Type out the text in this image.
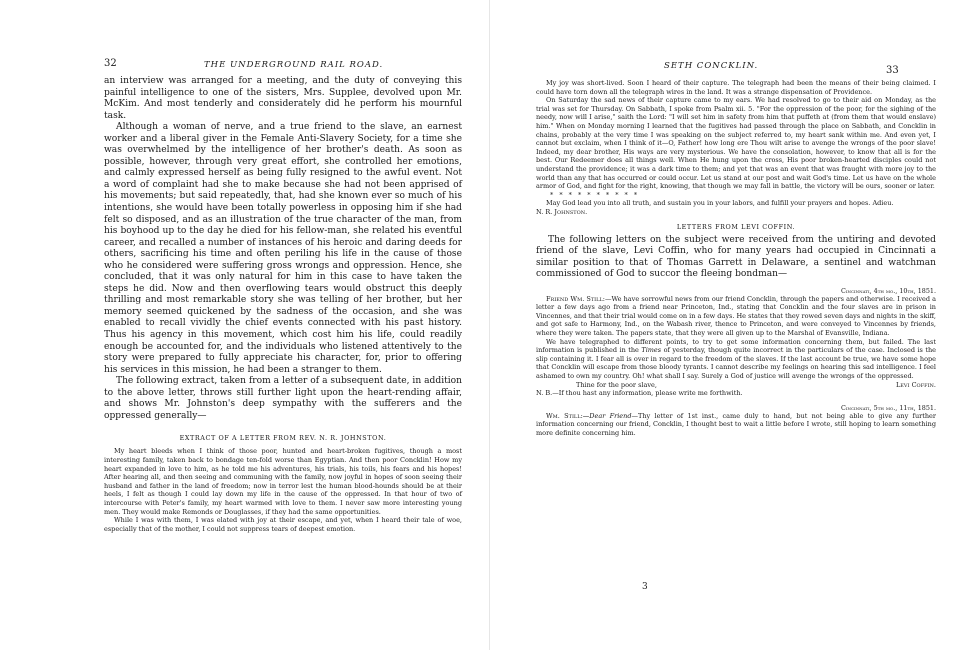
32	THE UNDERGROUND RAIL ROAD.

an interview was arranged for a meeting, and the duty of conveying this painful intelligence to one of the sisters, Mrs. Supplee, devolved upon Mr. McKim. And most tenderly and considerately did he perform his mournful task.

Although a woman of nerve, and a true friend to the slave, an earnest worker and a liberal giver in the Female Anti-Slavery Society, for a time she was overwhelmed by the intelligence of her brother's death. As soon as possible, however, through very great effort, she controlled her emotions, and calmly expressed herself as being fully resigned to the awful event. Not a word of complaint had she to make because she had not been apprised of his movements; but said repeatedly, that, had she known ever so much of his intentions, she would have been totally powerless in opposing him if she had felt so disposed, and as an illustration of the true character of the man, from his boyhood up to the day he died for his fellow-man, she related his eventful career, and recalled a number of instances of his heroic and daring deeds for others, sacrificing his time and often periling his life in the cause of those who he considered were suffering gross wrongs and oppression. Hence, she concluded, that it was only natural for him in this case to have taken the steps he did. Now and then overflowing tears would obstruct this deeply thrilling and most remarkable story she was telling of her brother, but her memory seemed quickened by the sadness of the occasion, and she was enabled to recall vividly the chief events connected with his past history. Thus his agency in this movement, which cost him his life, could readily enough be accounted for, and the individuals who listened attentively to the story were prepared to fully appreciate his character, for, prior to offering his services in this mission, he had been a stranger to them.

The following extract, taken from a letter of a subsequent date, in addition to the above letter, throws still further light upon the heart-rending affair, and shows Mr. Johnston's deep sympathy with the sufferers and the oppressed generally—

EXTRACT OF A LETTER FROM REV. N. R. JOHNSTON.

My heart bleeds when I think of those poor, hunted and heart-broken fugitives, though a most interesting family, taken back to bondage ten-fold worse than Egyptian. And then poor Concklin! How my heart expanded in love to him, as he told me his adventures, his trials, his toils, his fears and his hopes! After hearing all, and then seeing and communing with the family, now joyful in hopes of soon seeing their husband and father in the land of freedom; now in terror lest the human blood-hounds should be at their heels, I felt as though I could lay down my life in the cause of the oppressed. In that hour of two of intercourse with Peter's family, my heart warmed with love to them. I never saw more interesting young men. They would make Remonds or Douglasses, if they had the same opportunities.

While I was with them, I was elated with joy at their escape, and yet, when I heard their tale of woe, especially that of the mother, I could not suppress tears of deepest emotion.

SETH CONCKLIN.	33

My joy was short-lived. Soon I heard of their capture. The telegraph had been the means of their being claimed. I could have torn down all the telegraph wires in the land. It was a strange dispensation of Providence.

On Saturday the sad news of their capture came to my ears. We had resolved to go to their aid on Monday, as the trial was set for Thursday. On Sabbath, I spoke from Psalm xii. 5. "For the oppression of the poor, for the sighing of the needy, now will I arise," saith the Lord: "I will set him in safety from him that puffeth at (from them that would enslave) him." When on Monday morning I learned that the fugitives had passed through the place on Sabbath, and Concklin in chains, probably at the very time I was speaking on the subject referred to, my heart sank within me. And even yet, I cannot but exclaim, when I think of it—O, Father! how long ere Thou wilt arise to avenge the wrongs of the poor slave! Indeed, my dear brother, His ways are very mysterious. We have the consolation, however, to know that all is for the best. Our Redeemer does all things well. When He hung upon the cross, His poor broken-hearted disciples could not understand the providence; it was a dark time to them; and yet that was an event that was fraught with more joy to the world than any that has occurred or could occur. Let us stand at our post and wait God's time. Let us have on the whole armor of God, and fight for the right, knowing, that though we may fall in battle, the victory will be ours, sooner or later.

* * * * * * * * * *

May God lead you into all truth, and sustain you in your labors, and fulfill your prayers and hopes. Adieu.

N. R. Johnston.

LETTERS FROM LEVI COFFIN.

The following letters on the subject were received from the untiring and devoted friend of the slave, Levi Coffin, who for many years had occupied in Cincinnati a similar position to that of Thomas Garrett in Delaware, a sentinel and watchman commissioned of God to succor the fleeing bondman—

Cincinnati, 4th mo., 10th, 1851.

Friend Wm. Still:—We have sorrowful news from our friend Concklin, through the papers and otherwise. I received a letter a few days ago from a friend near Princeton, Ind., stating that Concklin and the four slaves are in prison in Vincennes, and that their trial would come on in a few days. He states that they rowed seven days and nights in the skiff, and got safe to Harmony, Ind., on the Wabash river, thence to Princeton, and were conveyed to Vincennes by friends, where they were taken. The papers state, that they were all given up to the Marshal of Evansville, Indiana.

We have telegraphed to different points, to try to get some information concerning them, but failed. The last information is published in the Times of yesterday, though quite incorrect in the particulars of the case. Inclosed is the slip containing it. I fear all is over in regard to the freedom of the slaves. If the last account be true, we have some hope that Concklin will escape from those bloody tyrants. I cannot describe my feelings on hearing this sad intelligence. I feel ashamed to own my country. Oh! what shall I say. Surely a God of justice will avenge the wrongs of the oppressed.

Thine for the poor slave,	Levi Coffin.

N. B.—If thou hast any information, please write me forthwith.

Cincinnati, 5th mo., 11th, 1851.

Wm. Still:—Dear Friend—Thy letter of 1st inst., came duly to hand, but not being able to give any further information concerning our friend, Concklin, I thought best to wait a little before I wrote, still hoping to learn something more definite concerning him.

3
